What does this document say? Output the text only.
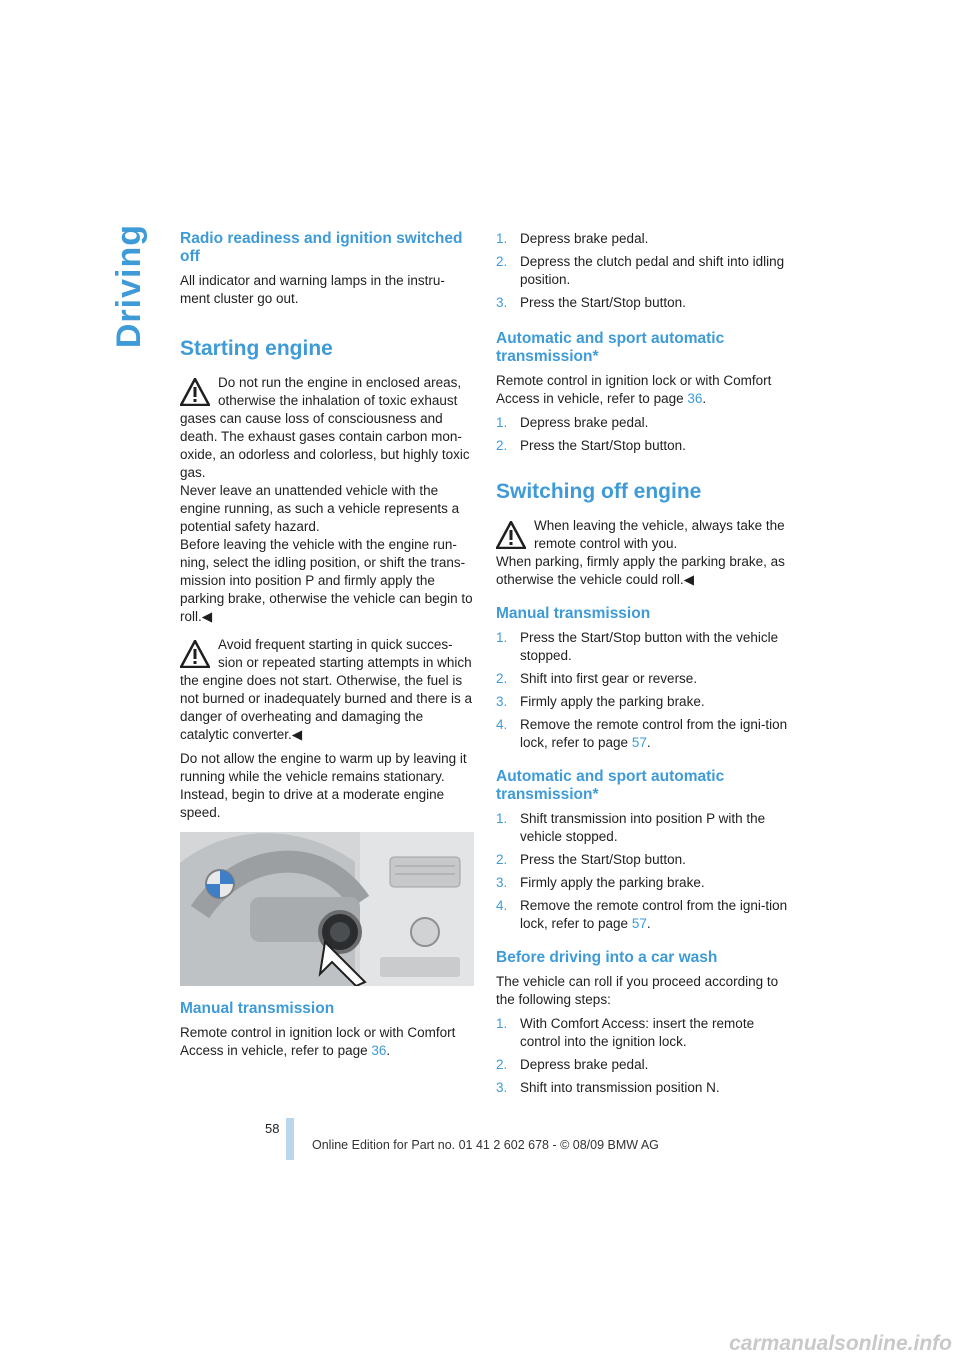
Driving Radio readiness and ignition switched off

All indicator and warning lamps in the instru-ment cluster go out.

Starting engine
Do not run the engine in enclosed areas, otherwise the inhalation of toxic exhaust gases can cause loss of consciousness and death. The exhaust gases contain carbon mon-oxide, an odorless and colorless, but highly toxic gas.
Never leave an unattended vehicle with the engine running, as such a vehicle represents a potential safety hazard.
Before leaving the vehicle with the engine run-ning, select the idling position, or shift the trans-mission into position P and firmly apply the parking brake, otherwise the vehicle can begin to roll.◀
Avoid frequent starting in quick succes-sion or repeated starting attempts in which the engine does not start. Otherwise, the fuel is not burned or inadequately burned and there is a danger of overheating and damaging the catalytic converter.◀

Do not allow the engine to warm up by leaving it running while the vehicle remains stationary. Instead, begin to drive at a moderate engine speed.

Manual transmission

Remote control in ignition lock or with Comfort Access in vehicle, refer to page 36.

1. Depress brake pedal.
2. Depress the clutch pedal and shift into idling position.
3. Press the Start/Stop button.
Automatic and sport automatic transmission*

Remote control in ignition lock or with Comfort Access in vehicle, refer to page 36.

1. Depress brake pedal.
2. Press the Start/Stop button.
Switching off engine
When leaving the vehicle, always take the remote control with you.
When parking, firmly apply the parking brake, as otherwise the vehicle could roll.◀
Manual transmission
1. Press the Start/Stop button with the vehicle stopped.
2. Shift into first gear or reverse.
3. Firmly apply the parking brake.
4. Remove the remote control from the igni-tion lock, refer to page 57.
Automatic and sport automatic transmission*
1. Shift transmission into position P with the vehicle stopped.
2. Press the Start/Stop button.
3. Firmly apply the parking brake.
4. Remove the remote control from the igni-tion lock, refer to page 57.
Before driving into a car wash

The vehicle can roll if you proceed according to the following steps:

1. With Comfort Access: insert the remote control into the ignition lock.
2. Depress brake pedal.
3. Shift into transmission position N.
58
Online Edition for Part no. 01 41 2 602 678 - © 08/09 BMW AG
carmanualsonline.info
